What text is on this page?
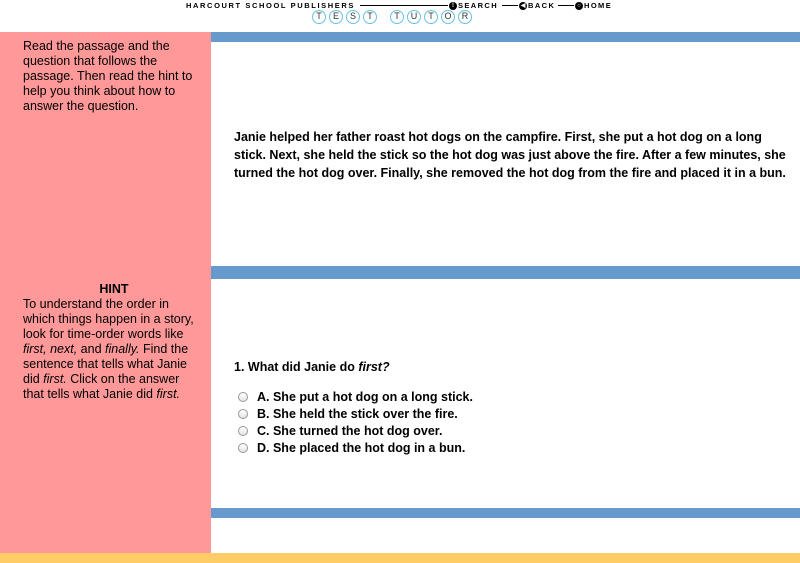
HARCOURT SCHOOL PUBLISHERS	! SEARCH	◀ BACK	○ HOME
T	E	S	T	T	U	T	O	R

Read the passage and the question that follows the passage. Then read the hint to help you think about how to answer the question.

HINT

To understand the order in which things happen in a story, look for time-order words like first, next, and finally. Find the sentence that tells what Janie did first. Click on the answer that tells what Janie did first.

Janie helped her father roast hot dogs on the campfire. First, she put a hot dog on a long stick. Next, she held the stick so the hot dog was just above the fire. After a few minutes, she turned the hot dog over. Finally, she removed the hot dog from the fire and placed it in a bun.

1. What did Janie do first?
A. She put a hot dog on a long stick.
B. She held the stick over the fire.
C. She turned the hot dog over.
D. She placed the hot dog in a bun.
